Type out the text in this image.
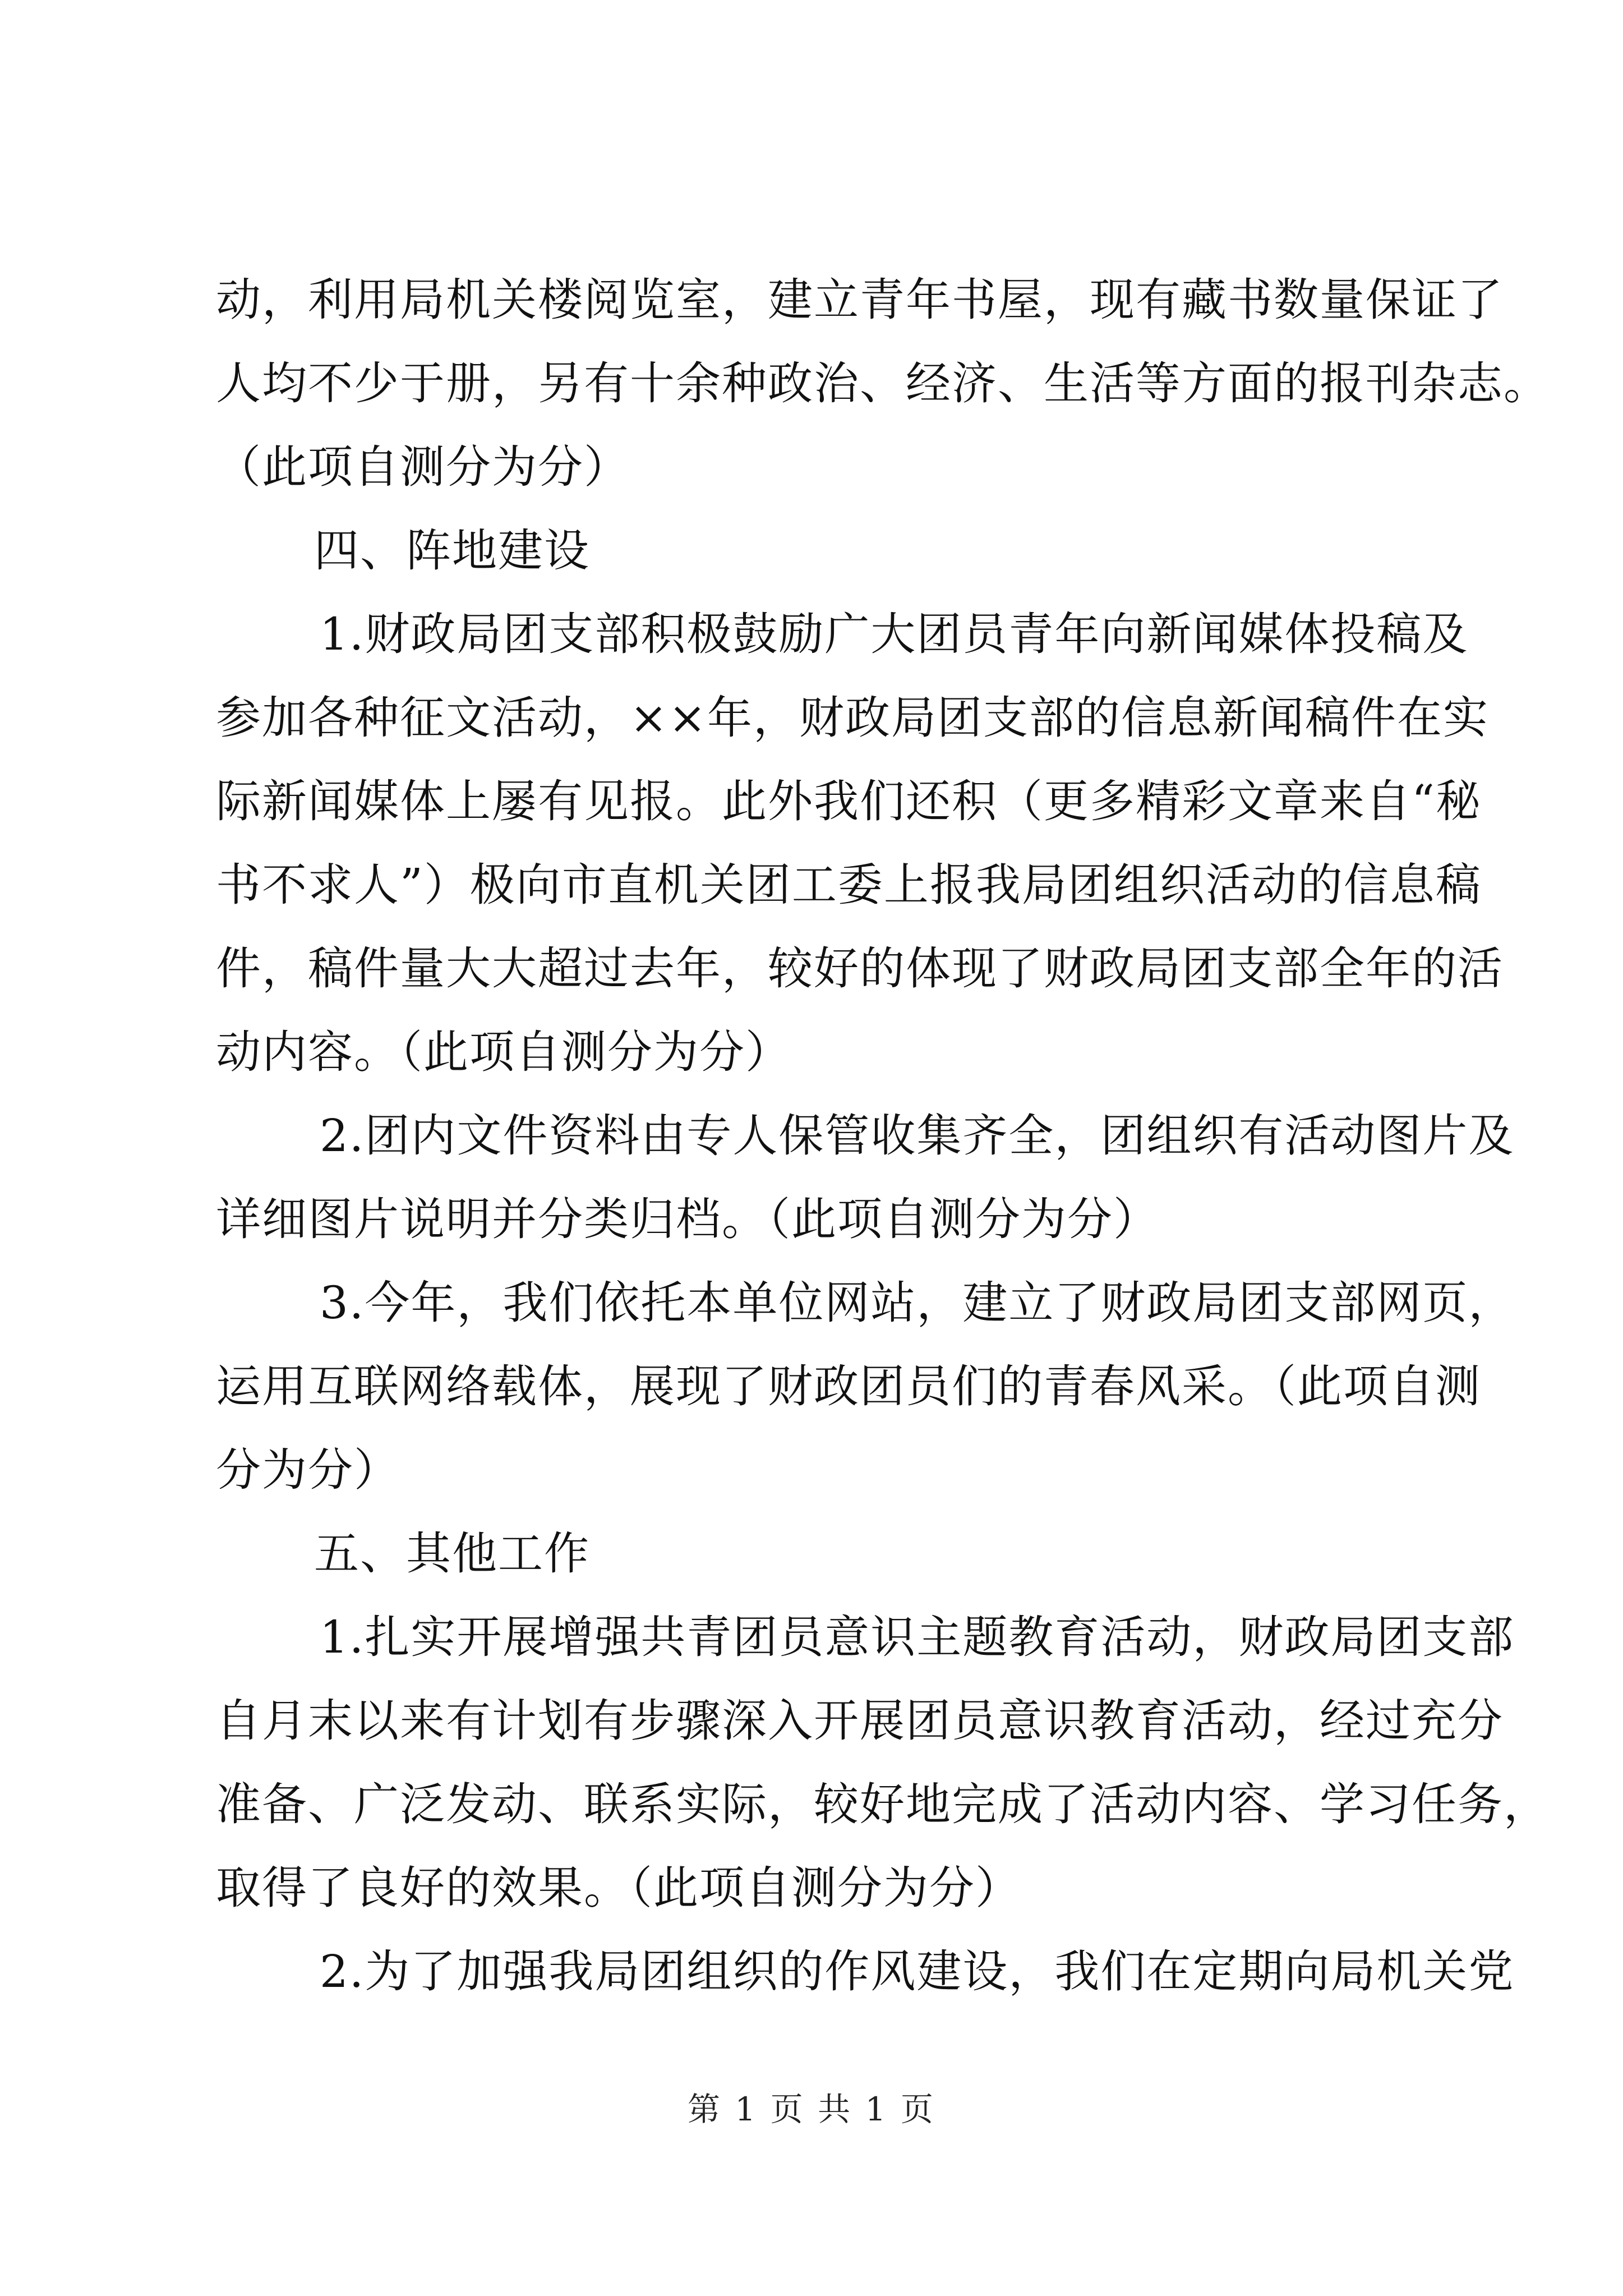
动，利用局机关楼阅览室，建立青年书屋，现有藏书数量保证了
人均不少于册，另有十余种政治、经济、生活等方面的报刊杂志。
（此项自测分为分）
四、阵地建设
1.财政局团支部积极鼓励广大团员青年向新闻媒体投稿及
参加各种征文活动，××年，财政局团支部的信息新闻稿件在实
际新闻媒体上屡有见报。此外我们还积（更多精彩文章来自“秘
书不求人”）极向市直机关团工委上报我局团组织活动的信息稿
件，稿件量大大超过去年，较好的体现了财政局团支部全年的活
动内容。（此项自测分为分）
2.团内文件资料由专人保管收集齐全，团组织有活动图片及
详细图片说明并分类归档。（此项自测分为分）
3.今年，我们依托本单位网站，建立了财政局团支部网页，
运用互联网络载体，展现了财政团员们的青春风采。（此项自测
分为分）
五、其他工作
1.扎实开展增强共青团员意识主题教育活动，财政局团支部
自月末以来有计划有步骤深入开展团员意识教育活动，经过充分
准备、广泛发动、联系实际，较好地完成了活动内容、学习任务，
取得了良好的效果。（此项自测分为分）
2.为了加强我局团组织的作风建设，我们在定期向局机关党
第 1 页 共 1 页
